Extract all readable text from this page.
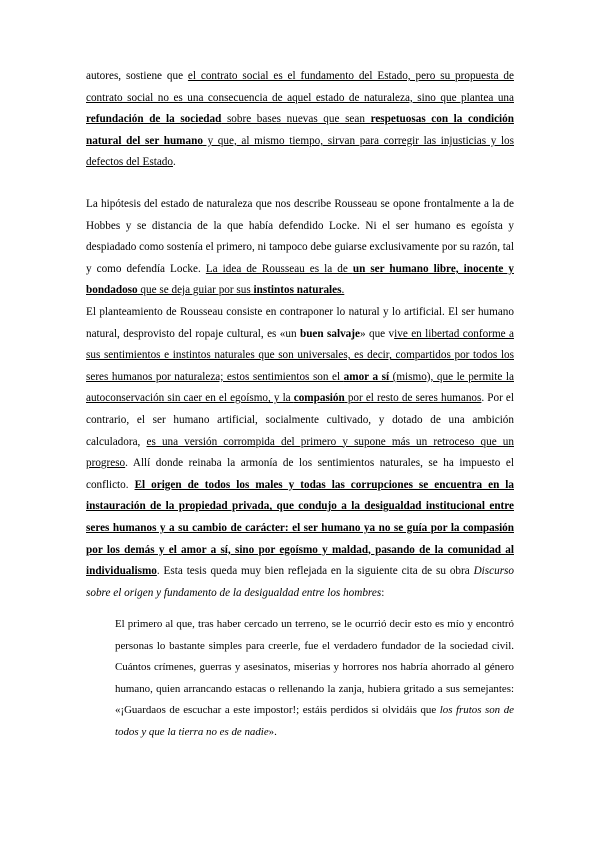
autores, sostiene que el contrato social es el fundamento del Estado, pero su propuesta de contrato social no es una consecuencia de aquel estado de naturaleza, sino que plantea una refundación de la sociedad sobre bases nuevas que sean respetuosas con la condición natural del ser humano y que, al mismo tiempo, sirvan para corregir las injusticias y los defectos del Estado.

La hipótesis del estado de naturaleza que nos describe Rousseau se opone frontalmente a la de Hobbes y se distancia de la que había defendido Locke. Ni el ser humano es egoísta y despiadado como sostenía el primero, ni tampoco debe guiarse exclusivamente por su razón, tal y como defendía Locke. La idea de Rousseau es la de un ser humano libre, inocente y bondadoso que se deja guiar por sus instintos naturales.

El planteamiento de Rousseau consiste en contraponer lo natural y lo artificial. El ser humano natural, desprovisto del ropaje cultural, es «un buen salvaje» que vive en libertad conforme a sus sentimientos e instintos naturales que son universales, es decir, compartidos por todos los seres humanos por naturaleza; estos sentimientos son el amor a sí (mismo), que le permite la autoconservación sin caer en el egoísmo, y la compasión por el resto de seres humanos. Por el contrario, el ser humano artificial, socialmente cultivado, y dotado de una ambición calculadora, es una versión corrompida del primero y supone más un retroceso que un progreso. Allí donde reinaba la armonía de los sentimientos naturales, se ha impuesto el conflicto. El origen de todos los males y todas las corrupciones se encuentra en la instauración de la propiedad privada, que condujo a la desigualdad institucional entre seres humanos y a su cambio de carácter: el ser humano ya no se guía por la compasión por los demás y el amor a sí, sino por egoísmo y maldad, pasando de la comunidad al individualismo. Esta tesis queda muy bien reflejada en la siguiente cita de su obra Discurso sobre el origen y fundamento de la desigualdad entre los hombres:

El primero al que, tras haber cercado un terreno, se le ocurrió decir esto es mío y encontró personas lo bastante simples para creerle, fue el verdadero fundador de la sociedad civil. Cuántos crímenes, guerras y asesinatos, miserias y horrores nos habría ahorrado al género humano, quien arrancando estacas o rellenando la zanja, hubiera gritado a sus semejantes: «¡Guardaos de escuchar a este impostor!; estáis perdidos si olvidáis que los frutos son de todos y que la tierra no es de nadie».
